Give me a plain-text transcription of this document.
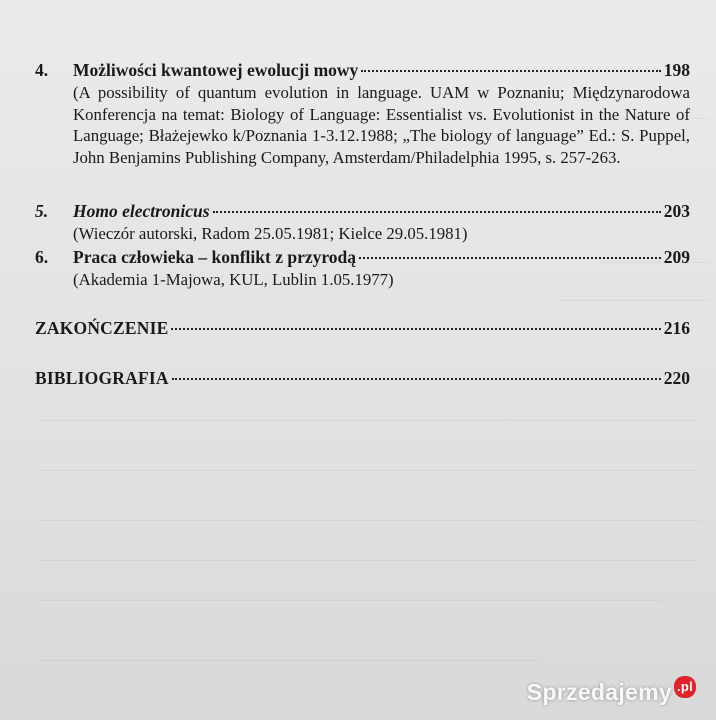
4.	Możliwości kwantowej ewolucji mowy	198
(A possibility of quantum evolution in language. UAM w Poznaniu; Międzynarodowa Konferencja na temat: Biology of Language: Essentialist vs. Evolutionist in the Nature of Language; Błażejewko k/Poznania 1-3.12.1988; „The biology of language” Ed.: S. Puppel, John Benjamins Publishing Company, Amsterdam/Philadelphia 1995, s. 257-263.
5.	Homo electronicus	203
(Wieczór autorski, Radom 25.05.1981; Kielce 29.05.1981)
6.	Praca człowieka – konflikt z przyrodą	209
(Akademia 1-Majowa, KUL, Lublin 1.05.1977)
ZAKOŃCZENIE	216
BIBLIOGRAFIA	220
Sprzedajemy .pl
